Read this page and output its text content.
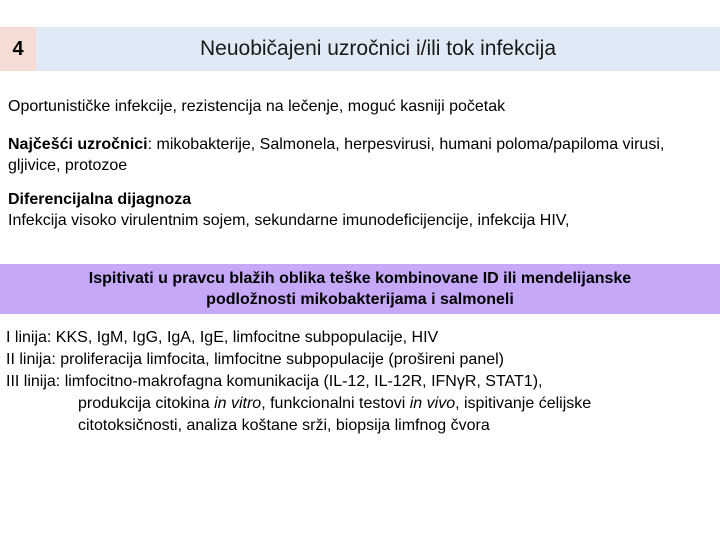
4	Neuobičajeni uzročnici i/ili tok infekcija
Oportunističke infekcije, rezistencija na lečenje, moguć kasniji početak
Najčešći uzročnici: mikobakterije, Salmonela, herpesvirusi, humani poloma/papiloma virusi, gljivice, protozoe
Diferencijalna dijagnoza
Infekcija visoko virulentnim sojem, sekundarne imunodeficijencije, infekcija HIV,
Ispitivati u pravcu blažih oblika teške kombinovane ID ili mendelijanske
podložnosti mikobakterijama i salmoneli
I linija: KKS, IgM, IgG, IgA, IgE, limfocitne subpopulacije, HIV
II linija: proliferacija limfocita, limfocitne subpopulacije (prošireni panel)
III linija: limfocitno-makrofagna komunikacija (IL-12, IL-12R, IFNγR, STAT1),
produkcija citokina in vitro, funkcionalni testovi in vivo, ispitivanje ćelijske
citotoksičnosti, analiza koštane srži, biopsija limfnog čvora
